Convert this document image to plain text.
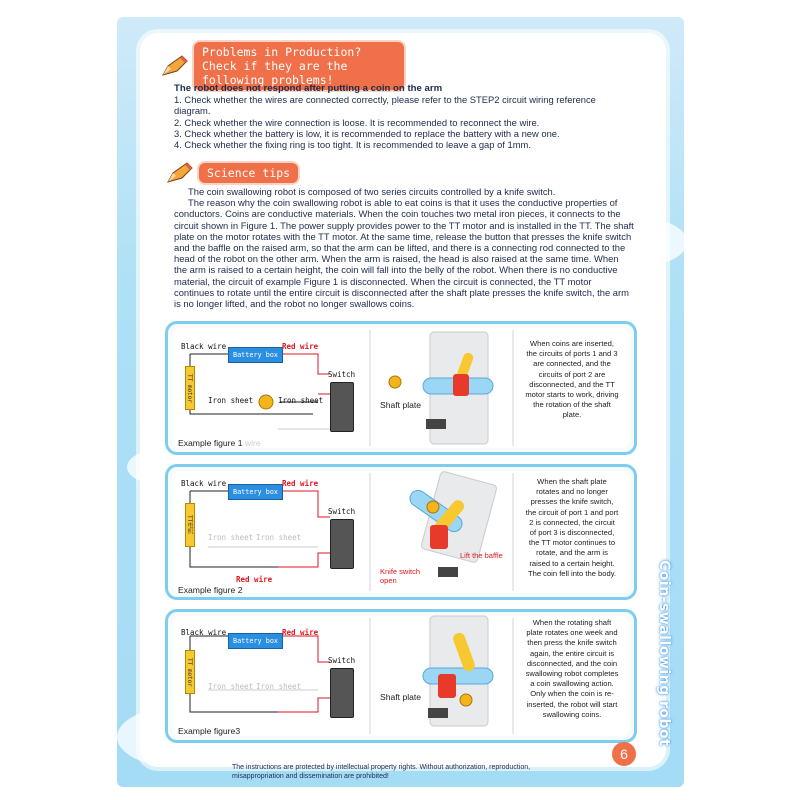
Problems in Production? Check if they are the following problems!
The robot does not respond after putting a coin on the arm
1. Check whether the wires are connected correctly, please refer to the STEP2 circuit wiring reference diagram.
2. Check whether the wire connection is loose. It is recommended to reconnect the wire.
3. Check whether the battery is low, it is recommended to replace the battery with a new one.
4. Check whether the fixing ring is too tight. It is recommended to leave a gap of 1mm.
Science tips
The coin swallowing robot is composed of two series circuits controlled by a knife switch.
The reason why the coin swallowing robot is able to eat coins is that it uses the conductive properties of conductors. Coins are conductive materials. When the coin touches two metal iron pieces, it connects to the circuit shown in Figure 1. The power supply provides power to the TT motor and is installed in the TT. The shaft plate on the motor rotates with the TT motor. At the same time, release the button that presses the knife switch and the baffle on the raised arm, so that the arm can be lifted, and there is a connecting rod connected to the head of the robot on the other arm. When the arm is raised, the head is also raised at the same time. When the arm is raised to a certain height, the coin will fall into the belly of the robot. When there is no conductive material, the circuit of example Figure 1 is disconnected. When the circuit is connected, the TT motor continues to rotate until the entire circuit is disconnected after the shaft plate presses the knife switch, the arm is no longer lifted, and the robot no longer swallows coins.
Black wire
Battery box
Red wire
TT motor	Switch
Iron sheet	Iron sheet
Example figure 1 wire
Shaft plate
When coins are inserted, the circuits of ports 1 and 3 are connected, and the circuits of port 2 are disconnected, and the TT motor starts to work, driving the rotation of the shaft plate.
Black wire
Battery box
Red wire
TT电机
Switch
Iron sheet Iron sheet
Red wire
Example figure 2
Knife switch open
Lift the baffle
When the shaft plate rotates and no longer presses the knife switch, the circuit of port 1 and port 2 is connected, the circuit of port 3 is disconnected, the TT motor continues to rotate, and the arm is raised to a certain height. The coin fell into the body.
Black wire
Battery box
Red wire
TT motor	Switch
Iron sheet Iron sheet
Example figure3
Shaft plate
When the rotating shaft plate rotates one week and then press the knife switch again, the entire circuit is disconnected, and the coin swallowing robot completes a coin swallowing action. Only when the coin is re-inserted, the robot will start swallowing coins.	Coin-swallowing robot
6
The instructions are protected by intellectual property rights. Without authorization, reproduction, misappropriation and dissemination are prohibited!
